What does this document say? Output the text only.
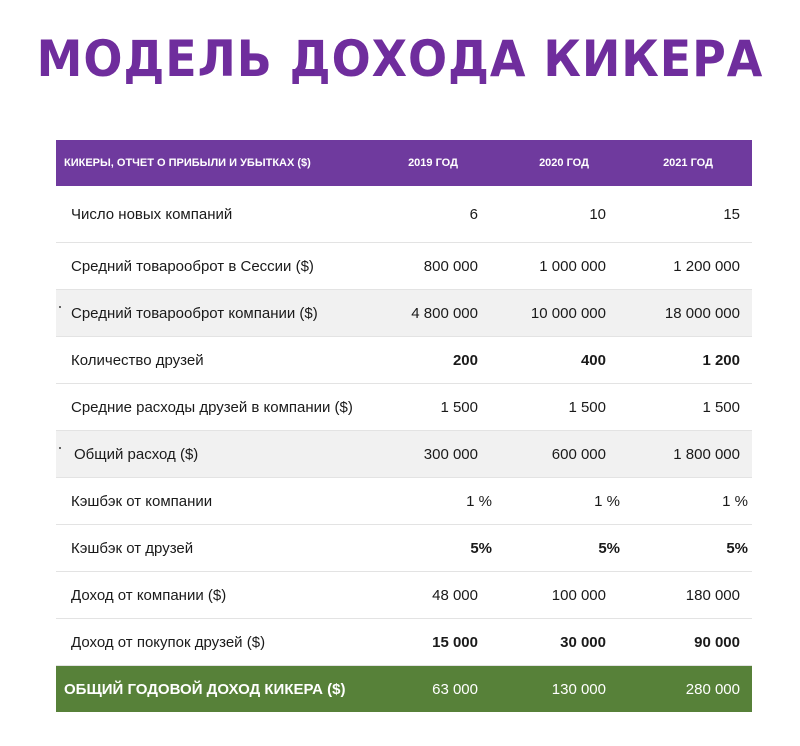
МОДЕЛЬ ДОХОДА КИКЕРА
КИКЕРЫ, ОТЧЕТ О ПРИБЫЛИ И УБЫТКАХ ($)	2019 ГОД	2020 ГОД	2021 ГОД
Число новых компаний	6	10	15
Средний товарооброт в Сессии ($)	800 000	1 000 000	1 200 000
Средний товарооброт компании ($)	4 800 000	10 000 000	18 000 000
Количество друзей	200	400	1 200
Средние расходы друзей в компании ($)	1 500	1 500	1 500
Общий расход ($)	300 000	600 000	1 800 000
Кэшбэк от компании	1 %	1 %	1 %
Кэшбэк от друзей	5%	5%	5%
Доход от компании ($)	48 000	100 000	180 000
Доход от покупок друзей ($)	15 000	30 000	90 000
ОБЩИЙ ГОДОВОЙ ДОХОД КИКЕРА ($)	63 000	130 000	280 000
